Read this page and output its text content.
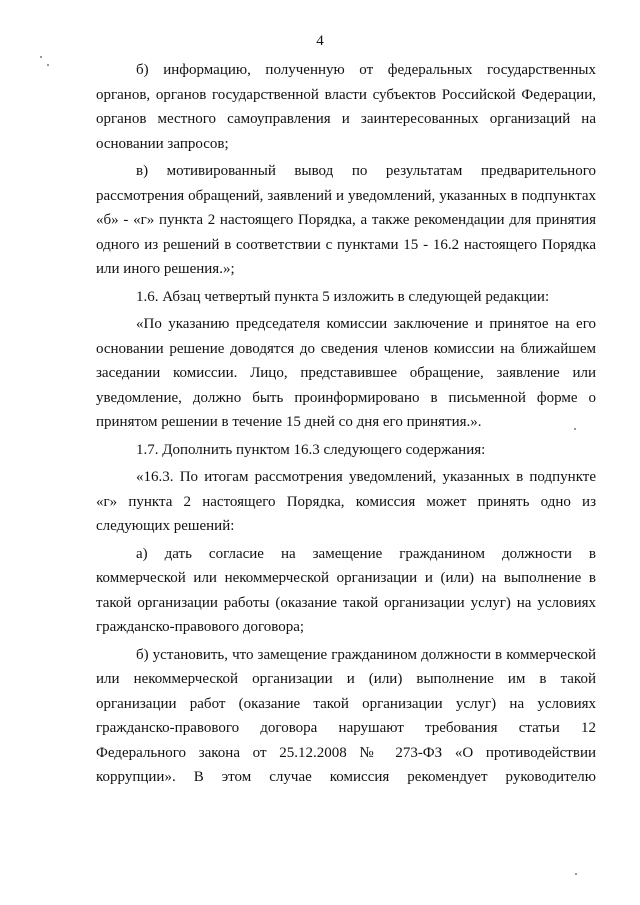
4

б) информацию, полученную от федеральных государственных органов, органов государственной власти субъектов Российской Федерации, органов местного самоуправления и заинтересованных организаций на основании запросов;

в) мотивированный вывод по результатам предварительного рассмотрения обращений, заявлений и уведомлений, указанных в подпунктах «б» - «г» пункта 2 настоящего Порядка, а также рекомендации для принятия одного из решений в соответствии с пунктами 15 - 16.2 настоящего Порядка или иного решения.»;

1.6. Абзац четвертый пункта 5 изложить в следующей редакции:

«По указанию председателя комиссии заключение и принятое на его основании решение доводятся до сведения членов комиссии на ближайшем заседании комиссии. Лицо, представившее обращение, заявление или уведомление, должно быть проинформировано в письменной форме о принятом решении в течение 15 дней со дня его принятия.».

1.7. Дополнить пунктом 16.3 следующего содержания:

«16.3. По итогам рассмотрения уведомлений, указанных в подпункте «г» пункта 2 настоящего Порядка, комиссия может принять одно из следующих решений:

а) дать согласие на замещение гражданином должности в коммерческой или некоммерческой организации и (или) на выполнение в такой организации работы (оказание такой организации услуг) на условиях гражданско-правового договора;

б) установить, что замещение гражданином должности в коммерческой или некоммерческой организации и (или) выполнение им в такой организации работ (оказание такой организации услуг) на условиях гражданско-правового договора нарушают требования статьи 12 Федерального закона от 25.12.2008 № 273-ФЗ «О противодействии коррупции». В этом случае комиссия рекомендует руководителю
